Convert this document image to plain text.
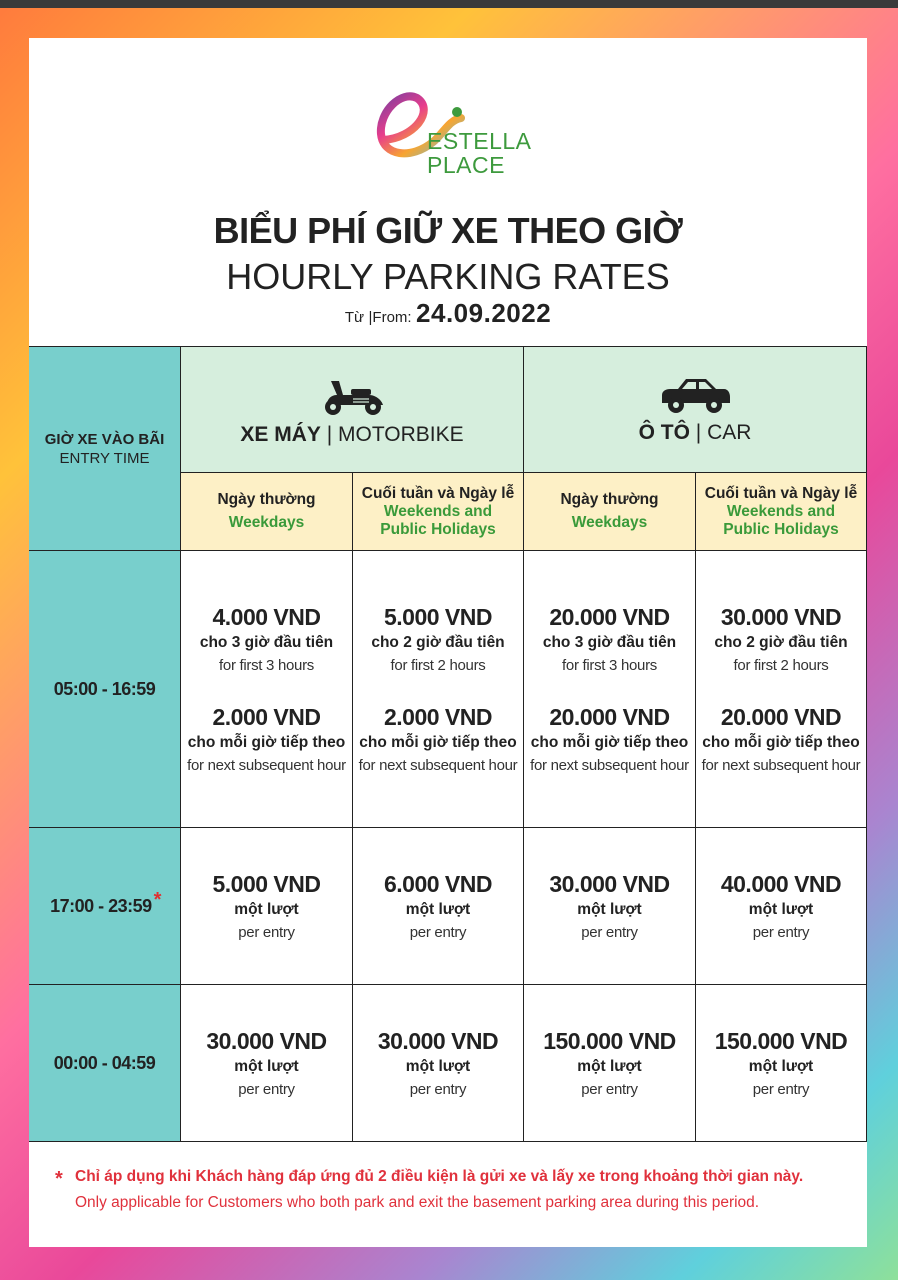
ESTELLA
PLACE
BIỂU PHÍ GIỮ XE THEO GIỜ
HOURLY PARKING RATES
Từ |From: 24.09.2022
GIỜ XE VÀO BÃI
ENTRY TIME
XE MÁY | MOTORBIKE	Ô TÔ | CAR
Ngày thường
Weekdays
Cuối tuần và Ngày lễ
Weekends and Public Holidays
Ngày thường
Weekdays
Cuối tuần và Ngày lễ
Weekends and Public Holidays
05:00 - 16:59
4.000 VND
cho 3 giờ đầu tiên
for first 3 hours
2.000 VND
cho mỗi giờ tiếp theo
for next subsequent hour
5.000 VND
cho 2 giờ đầu tiên
for first 2 hours
2.000 VND
cho mỗi giờ tiếp theo
for next subsequent hour
20.000 VND
cho 3 giờ đầu tiên
for first 3 hours
20.000 VND
cho mỗi giờ tiếp theo
for next subsequent hour
30.000 VND
cho 2 giờ đầu tiên
for first 2 hours
20.000 VND
cho mỗi giờ tiếp theo
for next subsequent hour
17:00 - 23:59 *
5.000 VND
một lượt
per entry
6.000 VND
một lượt
per entry
30.000 VND
một lượt
per entry
40.000 VND
một lượt
per entry
00:00 - 04:59
30.000 VND
một lượt
per entry
30.000 VND
một lượt
per entry
150.000 VND
một lượt
per entry
150.000 VND
một lượt
per entry
* Chỉ áp dụng khi Khách hàng đáp ứng đủ 2 điều kiện là gửi xe và lấy xe trong khoảng thời gian này.
Only applicable for Customers who both park and exit the basement parking area during this period.
